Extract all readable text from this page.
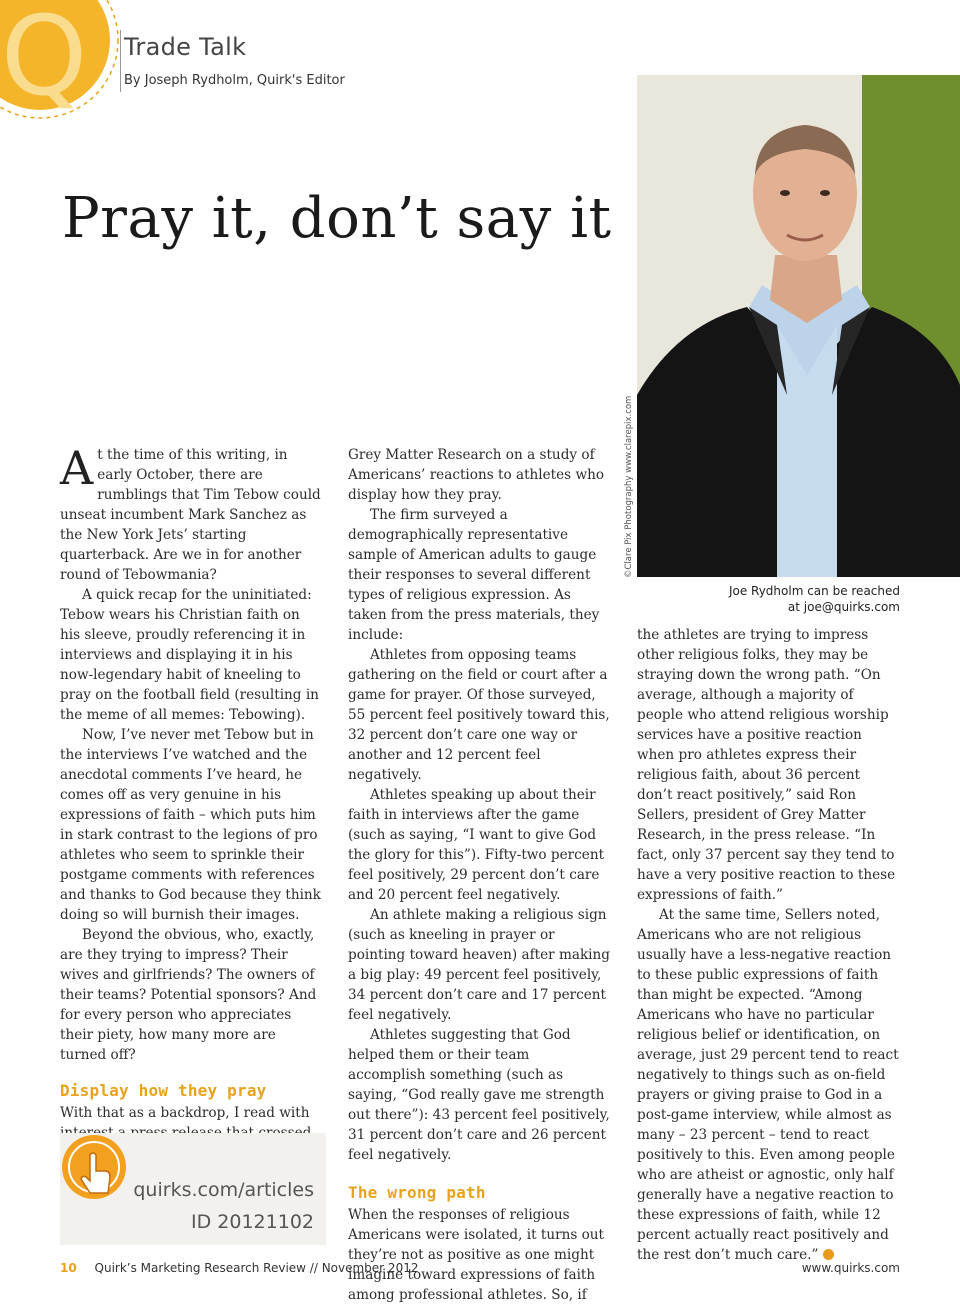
Q Trade Talk
By Joseph Rydholm, Quirk's Editor
Pray it, don’t say it
©Clare Pix Photography www.clarepix.com
Joe Rydholm can be reached
at joe@quirks.com

At the time of this writing, in early October, there are rumblings that Tim Tebow could unseat incumbent Mark Sanchez as the New York Jets’ starting quarterback. Are we in for another round of Tebowmania?

A quick recap for the uninitiated: Tebow wears his Christian faith on his sleeve, proudly referencing it in interviews and displaying it in his now-legendary habit of kneeling to pray on the football field (resulting in the meme of all memes: Tebowing).

Now, I’ve never met Tebow but in the interviews I’ve watched and the anecdotal comments I’ve heard, he comes off as very genuine in his expressions of faith – which puts him in stark contrast to the legions of pro athletes who seem to sprinkle their postgame comments with references and thanks to God because they think doing so will burnish their images.

Beyond the obvious, who, exactly, are they trying to impress? Their wives and girlfriends? The owners of their teams? Potential sponsors? And for every person who appreciates their piety, how many more are turned off?

Display how they pray

With that as a backdrop, I read with

Grey Matter Research on a study of Americans’ reactions to athletes who display how they pray.

The firm surveyed a demographically representative sample of American adults to gauge their responses to several different types of religious expression. As taken from the press materials, they include:

Athletes from opposing teams gathering on the field or court after a game for prayer. Of those surveyed, 55 percent feel positively toward this, 32 percent don’t care one way or another and 12 percent feel negatively.

Athletes speaking up about their faith in interviews after the game (such as saying, “I want to give God the glory for this”). Fifty-two percent feel positively, 29 percent don’t care and 20 percent feel negatively.

An athlete making a religious sign (such as kneeling in prayer or pointing toward heaven) after making a big play: 49 percent feel positively, 34 percent don’t care and 17 percent feel negatively.

Athletes suggesting that God helped them or their team accomplish something (such as saying, “God really gave me strength out there”): 43 percent feel positively, 31 percent don’t care and 26 percent feel negatively.

The wrong path

When the responses of religious Americans were isolated, it turns out they’re not as positive as one might imagine toward expressions of faith among professional athletes. So, if

the athletes are trying to impress other religious folks, they may be straying down the wrong path. “On average, although a majority of people who attend religious worship services have a positive reaction when pro athletes express their religious faith, about 36 percent don’t react positively,” said Ron Sellers, president of Grey Matter Research, in the press release. “In fact, only 37 percent say they tend to have a very positive reaction to these expressions of faith.”

At the same time, Sellers noted, Americans who are not religious usually have a less-negative reaction to these public expressions of faith than might be expected. “Among Americans who have no particular religious belief or identification, on average, just 29 percent tend to react negatively to things such as on-field prayers or giving praise to God in a post-game interview, while almost as many – 23 percent – tend to react positively to this. Even among people who are atheist or agnostic, only half generally have a negative reaction to these expressions of faith, while 12 percent actually react positively and the rest don’t much care.”

quirks.com/articles
ID 20121102
10 Quirk’s Marketing Research Review // November 2012	www.quirks.com
